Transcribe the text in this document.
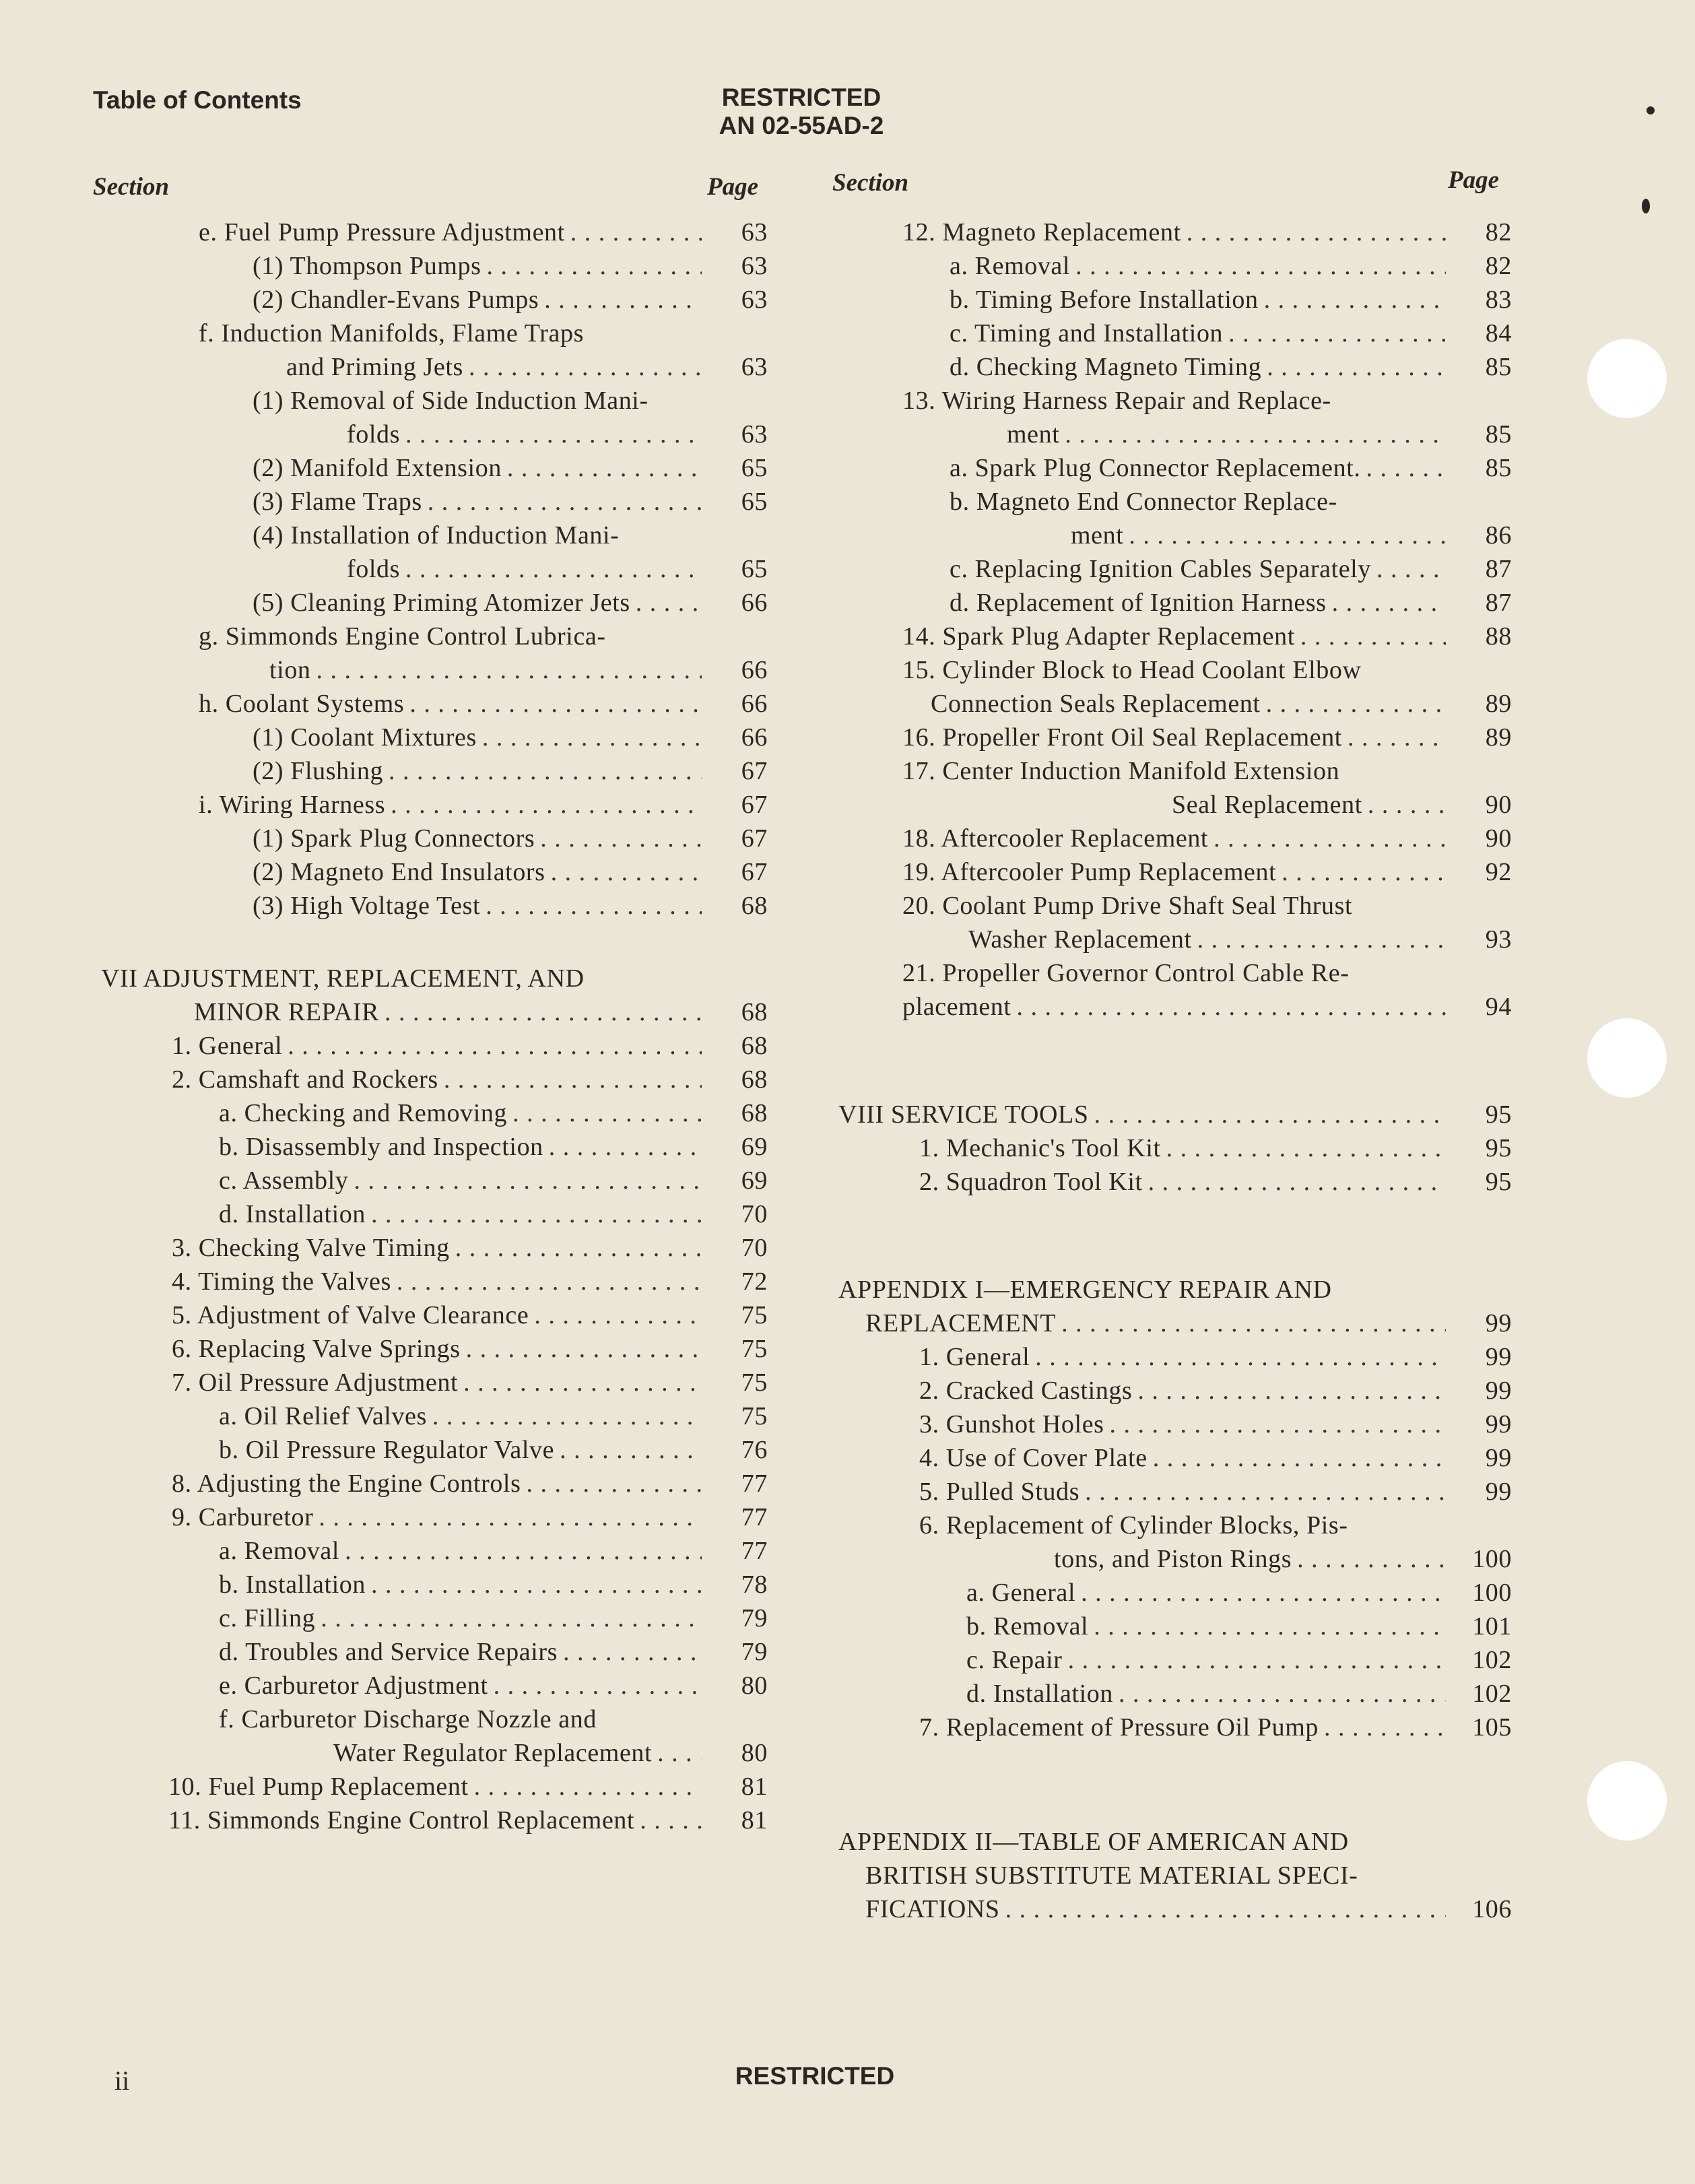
Table of Contents	RESTRICTED
AN 02-55AD-2
Section	Page	Section	Page
e. Fuel Pump Pressure Adjustment . . .	63
(1) Thompson Pumps . . .	63
(2) Chandler-Evans Pumps . . .	63
f. Induction Manifolds, Flame Traps
and Priming Jets . . .	63
(1) Removal of Side Induction Mani-
folds . . .	63
(2) Manifold Extension . . .	65
(3) Flame Traps . . .	65
(4) Installation of Induction Mani-
folds . . .	65
(5) Cleaning Priming Atomizer Jets . . .	66
g. Simmonds Engine Control Lubrica-
tion . . .	66
h. Coolant Systems . . .	66
(1) Coolant Mixtures . . .	66
(2) Flushing . . .	67
i. Wiring Harness . . .	67
(1) Spark Plug Connectors . . .	67
(2) Magneto End Insulators . . .	67
(3) High Voltage Test . . .	68
VII ADJUSTMENT, REPLACEMENT, AND
MINOR REPAIR . . .	68
1. General . . .	68
2. Camshaft and Rockers . . .	68
a. Checking and Removing . . .	68
b. Disassembly and Inspection . . .	69
c. Assembly . . .	69
d. Installation . . .	70
3. Checking Valve Timing . . .	70
4. Timing the Valves . . .	72
5. Adjustment of Valve Clearance . . .	75
6. Replacing Valve Springs . . .	75
7. Oil Pressure Adjustment . . .	75
a. Oil Relief Valves . . .	75
b. Oil Pressure Regulator Valve . . .	76
8. Adjusting the Engine Controls . . .	77
9. Carburetor . . .	77
a. Removal . . .	77
b. Installation . . .	78
c. Filling . . .	79
d. Troubles and Service Repairs . . .	79
e. Carburetor Adjustment . . .	80
f. Carburetor Discharge Nozzle and
Water Regulator Replacement . . .	80
10. Fuel Pump Replacement . . .	81
11. Simmonds Engine Control Replacement . . .	81
12. Magneto Replacement . . .	82
a. Removal . . .	82
b. Timing Before Installation . . .	83
c. Timing and Installation . . .	84
d. Checking Magneto Timing . . .	85
13. Wiring Harness Repair and Replace-
ment . . .	85
a. Spark Plug Connector Replacement. . . .	85
b. Magneto End Connector Replace-
ment . . .	86
c. Replacing Ignition Cables Separately . . .	87
d. Replacement of Ignition Harness . . .	87
14. Spark Plug Adapter Replacement . . .	88
15. Cylinder Block to Head Coolant Elbow
Connection Seals Replacement . . .	89
16. Propeller Front Oil Seal Replacement . . .	89
17. Center Induction Manifold Extension
Seal Replacement . . .	90
18. Aftercooler Replacement . . .	90
19. Aftercooler Pump Replacement . . .	92
20. Coolant Pump Drive Shaft Seal Thrust
Washer Replacement . . .	93
21. Propeller Governor Control Cable Re-
placement . . .	94
VIII SERVICE TOOLS . . .	95
1. Mechanic's Tool Kit . . .	95
2. Squadron Tool Kit . . .	95
APPENDIX I—EMERGENCY REPAIR AND
REPLACEMENT . . .	99
1. General . . .	99
2. Cracked Castings . . .	99
3. Gunshot Holes . . .	99
4. Use of Cover Plate . . .	99
5. Pulled Studs . . .	99
6. Replacement of Cylinder Blocks, Pis-
tons, and Piston Rings . . .	100
a. General . . .	100
b. Removal . . .	101
c. Repair . . .	102
d. Installation . . .	102
7. Replacement of Pressure Oil Pump . . .	105
APPENDIX II—TABLE OF AMERICAN AND
BRITISH SUBSTITUTE MATERIAL SPECI-
FICATIONS . . .	106
ii	RESTRICTED
